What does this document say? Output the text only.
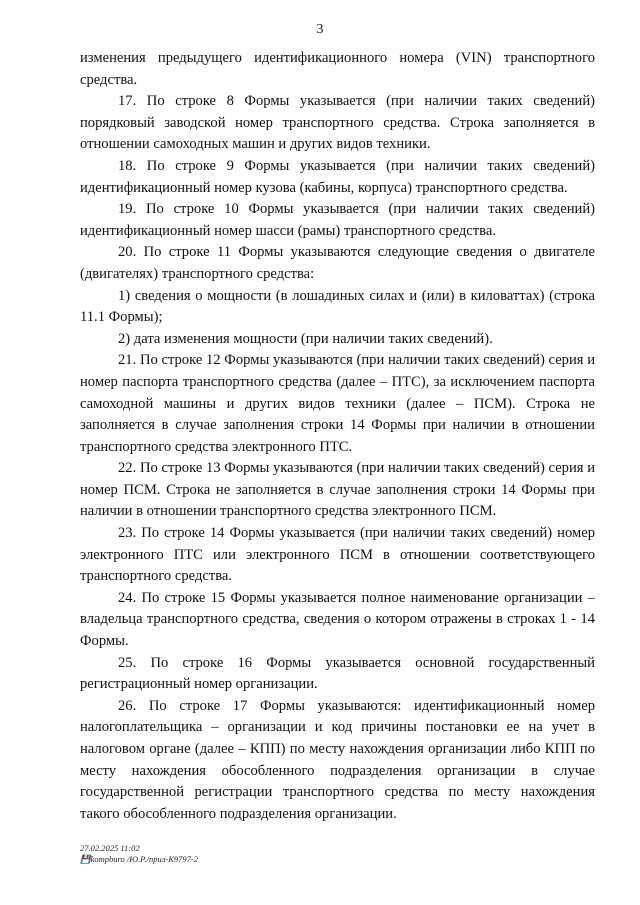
3

изменения предыдущего идентификационного номера (VIN) транспортного средства.

17. По строке 8 Формы указывается (при наличии таких сведений) порядковый заводской номер транспортного средства. Строка заполняется в отношении самоходных машин и других видов техники.

18. По строке 9 Формы указывается (при наличии таких сведений) идентификационный номер кузова (кабины, корпуса) транспортного средства.

19. По строке 10 Формы указывается (при наличии таких сведений) идентификационный номер шасси (рамы) транспортного средства.

20. По строке 11 Формы указываются следующие сведения о двигателе (двигателях) транспортного средства:

1) сведения о мощности (в лошадиных силах и (или) в киловаттах) (строка 11.1 Формы);

2) дата изменения мощности (при наличии таких сведений).

21. По строке 12 Формы указываются (при наличии таких сведений) серия и номер паспорта транспортного средства (далее – ПТС), за исключением паспорта самоходной машины и других видов техники (далее – ПСМ). Строка не заполняется в случае заполнения строки 14 Формы при наличии в отношении транспортного средства электронного ПТС.

22. По строке 13 Формы указываются (при наличии таких сведений) серия и номер ПСМ. Строка не заполняется в случае заполнения строки 14 Формы при наличии в отношении транспортного средства электронного ПСМ.

23. По строке 14 Формы указывается (при наличии таких сведений) номер электронного ПТС или электронного ПСМ в отношении соответствующего транспортного средства.

24. По строке 15 Формы указывается полное наименование организации – владельца транспортного средства, сведения о котором отражены в строках 1 - 14 Формы.

25. По строке 16 Формы указывается основной государственный регистрационный номер организации.

26. По строке 17 Формы указываются: идентификационный номер налогоплательщика – организации и код причины постановки ее на учет в налоговом органе (далее – КПП) по месту нахождения организации либо КПП по месту нахождения обособленного подразделения организации в случае государственной регистрации транспортного средства по месту нахождения такого обособленного подразделения организации.

27.02.2025 11:02
💾kompburo /Ю.Р./прил-К9797-2
